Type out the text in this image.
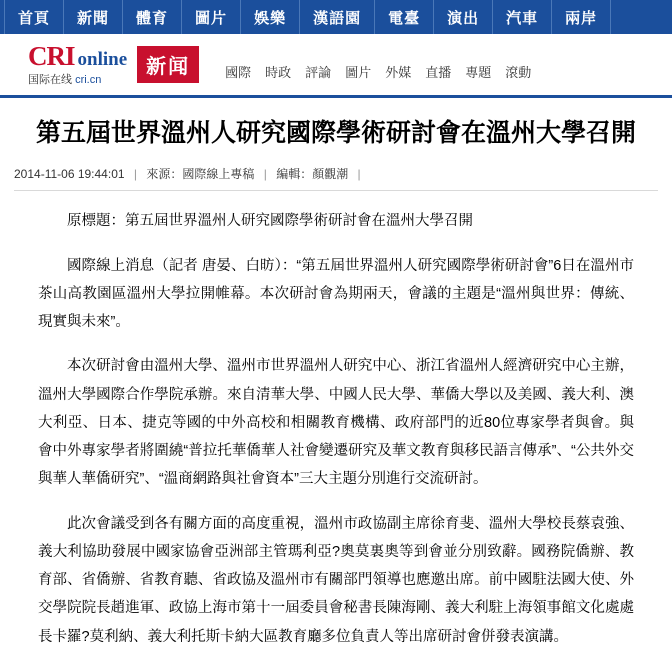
首頁	新聞	體育	圖片	娛樂	漢語園	電臺	演出	汽車	兩岸
CRI online
国际在线 cri.cn
新闻	國際 時政 評論 圖片 外媒 直播 專題 滾動
第五屆世界溫州人研究國際學術研討會在溫州大學召開
2014-11-06 19:44:01 | 來源：國際線上專稿 | 編輯：顏觀潮 |

原標題：第五屆世界溫州人研究國際學術研討會在溫州大學召開

國際線上消息（記者 唐晏、白昉）：“第五屆世界溫州人研究國際學術研討會”6日在溫州市茶山高教園區溫州大學拉開帷幕。本次研討會為期兩天，會議的主題是“溫州與世界：傳統、現實與未來”。

本次研討會由溫州大學、溫州市世界溫州人研究中心、浙江省溫州人經濟研究中心主辦，溫州大學國際合作學院承辦。來自清華大學、中國人民大學、華僑大學以及美國、義大利、澳大利亞、日本、捷克等國的中外高校和相關教育機構、政府部門的近80位專家學者與會。與會中外專家學者將圍繞“普拉托華僑華人社會變遷研究及華文教育與移民語言傳承”、“公共外交與華人華僑研究”、“溫商網路與社會資本”三大主題分別進行交流研討。

此次會議受到各有關方面的高度重視，溫州市政協副主席徐育斐、溫州大學校長蔡袁強、義大利協助發展中國家協會亞洲部主管瑪利亞?奧莫裏奧等到會並分別致辭。國務院僑辦、教育部、省僑辦、省教育聽、省政協及溫州市有關部門領導也應邀出席。前中國駐法國大使、外交學院院長趙進軍、政協上海市第十一屆委員會秘書長陳海剛、義大利駐上海領事館文化處處長卡羅?莫利納、義大利托斯卡納大區教育廳多位負責人等出席研討會併發表演講。
